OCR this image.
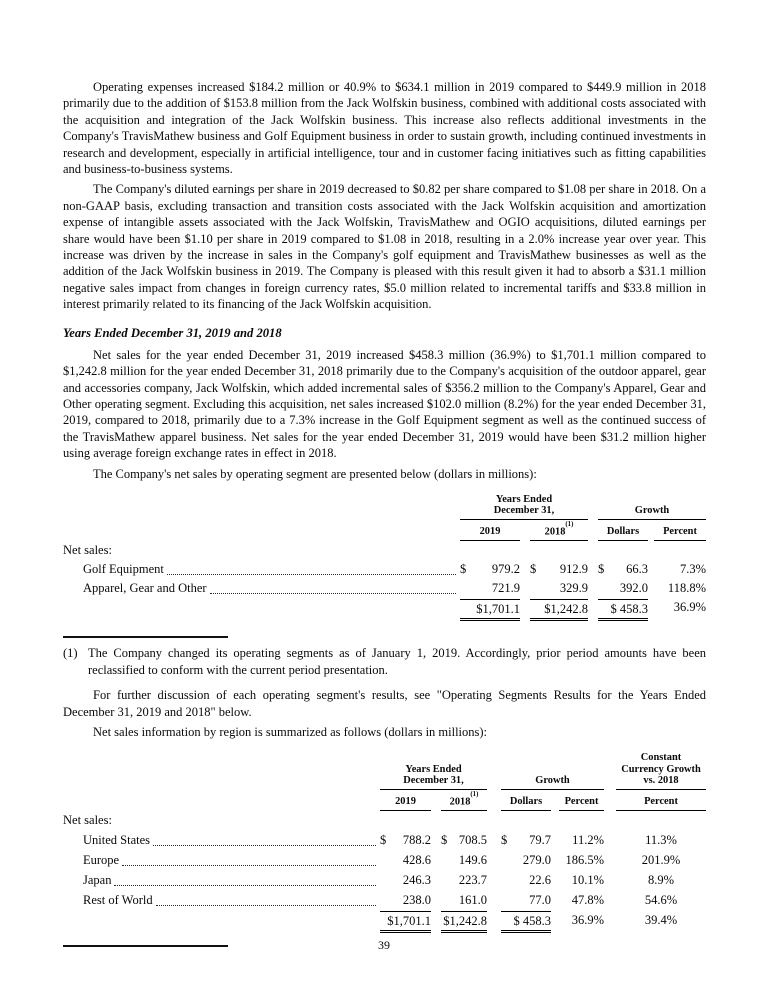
Operating expenses increased $184.2 million or 40.9% to $634.1 million in 2019 compared to $449.9 million in 2018 primarily due to the addition of $153.8 million from the Jack Wolfskin business, combined with additional costs associated with the acquisition and integration of the Jack Wolfskin business. This increase also reflects additional investments in the Company's TravisMathew business and Golf Equipment business in order to sustain growth, including continued investments in research and development, especially in artificial intelligence, tour and in customer facing initiatives such as fitting capabilities and business-to-business systems.

The Company's diluted earnings per share in 2019 decreased to $0.82 per share compared to $1.08 per share in 2018. On a non-GAAP basis, excluding transaction and transition costs associated with the Jack Wolfskin acquisition and amortization expense of intangible assets associated with the Jack Wolfskin, TravisMathew and OGIO acquisitions, diluted earnings per share would have been $1.10 per share in 2019 compared to $1.08 in 2018, resulting in a 2.0% increase year over year. This increase was driven by the increase in sales in the Company's golf equipment and TravisMathew businesses as well as the addition of the Jack Wolfskin business in 2019. The Company is pleased with this result given it had to absorb a $31.1 million negative sales impact from changes in foreign currency rates, $5.0 million related to incremental tariffs and $33.8 million in interest primarily related to its financing of the Jack Wolfskin acquisition.

Years Ended December 31, 2019 and 2018

Net sales for the year ended December 31, 2019 increased $458.3 million (36.9%) to $1,701.1 million compared to $1,242.8 million for the year ended December 31, 2018 primarily due to the Company's acquisition of the outdoor apparel, gear and accessories company, Jack Wolfskin, which added incremental sales of $356.2 million to the Company's Apparel, Gear and Other operating segment. Excluding this acquisition, net sales increased $102.0 million (8.2%) for the year ended December 31, 2019, compared to 2018, primarily due to a 7.3% increase in the Golf Equipment segment as well as the continued success of the TravisMathew apparel business. Net sales for the year ended December 31, 2019 would have been $31.2 million higher using average foreign exchange rates in effect in 2018.

The Company's net sales by operating segment are presented below (dollars in millions):

Years Ended
December 31,	Growth
2019	2018$^{(1)}$
Dollars	Percent
Net sales:
Golf Equipment	$ 979.2 $ 912.9 $ 66.3	7.3%
Apparel, Gear and Other	721.9	329.9	392.0 118.8%
$1,701.1 $1,242.8 $ 458.3 36.9%
(1) The Company changed its operating segments as of January 1, 2019. Accordingly, prior period amounts have been reclassified to conform with the current period presentation.

For further discussion of each operating segment's results, see "Operating Segments Results for the Years Ended December 31, 2019 and 2018" below.

Net sales information by region is summarized as follows (dollars in millions):

Years Ended
December 31,	Growth
Constant
Currency Growth
vs. 2018
2019	2018$^{(1)}$
Dollars	Percent	Percent
Net sales:
United States	$ 788.2 $ 708.5 $ 79.7 11.2%	11.3%
Europe	428.6 149.6	279.0 186.5%	201.9%
Japan	246.3 223.7	22.6 10.1%	8.9%
Rest of World	238.0 161.0	77.0 47.8%	54.6%
$1,701.1 $1,242.8 $ 458.3 36.9%	39.4%
39
